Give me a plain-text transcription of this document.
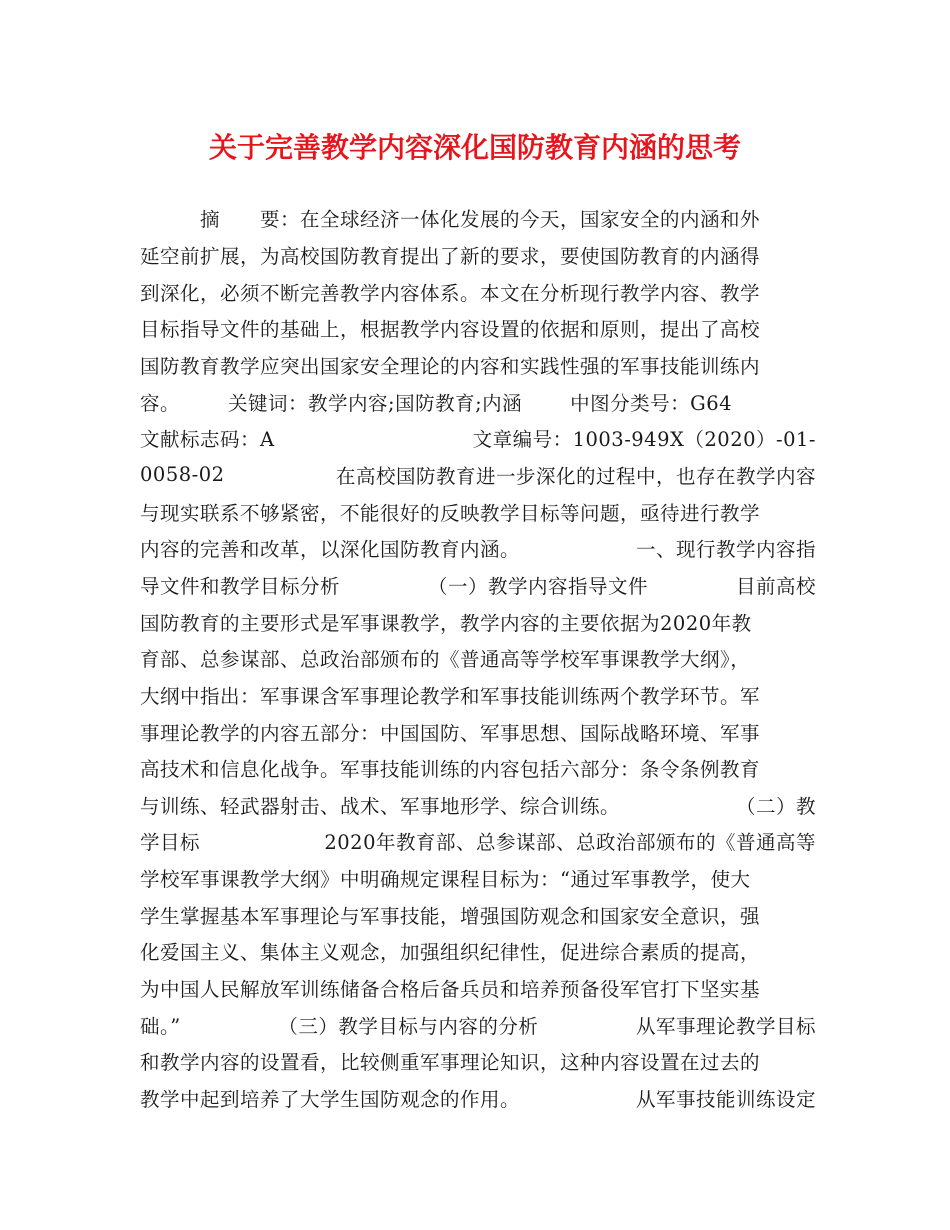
关于完善教学内容深化国防教育内涵的思考
　　　摘　　要：在全球经济一体化发展的今天，国家安全的内涵和外
延空前扩展，为高校国防教育提出了新的要求，要使国防教育的内涵得
到深化，必须不断完善教学内容体系。本文在分析现行教学内容、教学
目标指导文件的基础上，根据教学内容设置的依据和原则，提出了高校
国防教育教学应突出国家安全理论的内容和实践性强的军事技能训练内
容。 关键词：教学内容;国防教育;内涵 中图分类号：G64
文献标志码：A	文章编号：1003-949X（2020）-01-
0058-02	在高校国防教育进一步深化的过程中，也存在教学内容
与现实联系不够紧密，不能很好的反映教学目标等问题，亟待进行教学
内容的完善和改革，以深化国防教育内涵。	一、现行教学内容指
导文件和教学目标分析	（一）教学内容指导文件	目前高校
国防教育的主要形式是军事课教学，教学内容的主要依据为2020年教
育部、总参谋部、总政治部颁布的《普通高等学校军事课教学大纲》，
大纲中指出：军事课含军事理论教学和军事技能训练两个教学环节。军
事理论教学的内容五部分：中国国防、军事思想、国际战略环境、军事
高技术和信息化战争。军事技能训练的内容包括六部分：条令条例教育
与训练、轻武器射击、战术、军事地形学、综合训练。	（二）教
学目标	2020年教育部、总参谋部、总政治部颁布的《普通高等
学校军事课教学大纲》中明确规定课程目标为：“通过军事教学，使大
学生掌握基本军事理论与军事技能，增强国防观念和国家安全意识，强
化爱国主义、集体主义观念，加强组织纪律性，促进综合素质的提高，
为中国人民解放军训练储备合格后备兵员和培养预备役军官打下坚实基
础。”	（三）教学目标与内容的分析	从军事理论教学目标
和教学内容的设置看，比较侧重军事理论知识，这种内容设置在过去的
教学中起到培养了大学生国防观念的作用。	从军事技能训练设定
